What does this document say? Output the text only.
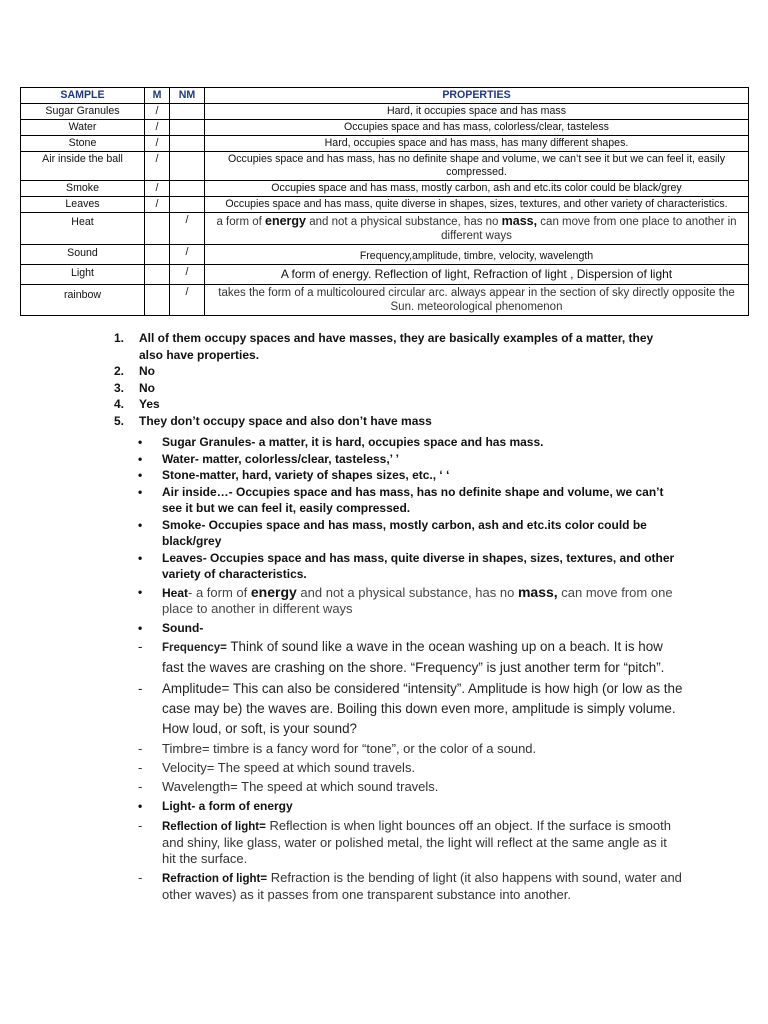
SAMPLE	M	NM	PROPERTIES
Sugar Granules	/		Hard, it occupies space and has mass
Water	/		Occupies space and has mass, colorless/clear, tasteless
Stone	/		Hard, occupies space and has mass, has many different shapes.
Air inside the ball	/		Occupies space and has mass, has no definite shape and volume, we can’t see it but we can feel it, easily compressed.
Smoke	/		Occupies space and has mass, mostly carbon, ash and etc.its color could be black/grey
Leaves	/		Occupies space and has mass, quite diverse in shapes, sizes, textures, and other variety of characteristics.
Heat		/	a form of energy and not a physical substance, has no mass, can move from one place to another in different ways
Sound		/	Frequency,amplitude, timbre, velocity, wavelength
Light		/	A form of energy. Reflection of light, Refraction of light , Dispersion of light
rainbow		/	takes the form of a multicoloured circular arc. always appear in the section of sky directly opposite the Sun. meteorological phenomenon
1. All of them occupy spaces and have masses, they are basically examples of a matter, they also have properties.
2. No
3. No
4. Yes
5. They don’t occupy space and also don’t have mass
• Sugar Granules- a matter, it is hard, occupies space and has mass.
• Water- matter, colorless/clear, tasteless,’ ’
• Stone-matter, hard, variety of shapes sizes, etc., ‘ ‘
• Air inside…- Occupies space and has mass, has no definite shape and volume, we can’t see it but we can feel it, easily compressed.
• Smoke- Occupies space and has mass, mostly carbon, ash and etc.its color could be black/grey
• Leaves- Occupies space and has mass, quite diverse in shapes, sizes, textures, and other variety of characteristics.
• Heat- a form of energy and not a physical substance, has no mass, can move from one place to another in different ways
• Sound-
- Frequency= Think of sound like a wave in the ocean washing up on a beach. It is how fast the waves are crashing on the shore. “Frequency” is just another term for “pitch”.
- Amplitude= This can also be considered “intensity”. Amplitude is how high (or low as the case may be) the waves are. Boiling this down even more, amplitude is simply volume. How loud, or soft, is your sound?
- Timbre= timbre is a fancy word for “tone”, or the color of a sound.
- Velocity= The speed at which sound travels.
- Wavelength= The speed at which sound travels.
• Light- a form of energy
- Reflection of light= Reflection is when light bounces off an object. If the surface is smooth and shiny, like glass, water or polished metal, the light will reflect at the same angle as it hit the surface.
- Refraction of light= Refraction is the bending of light (it also happens with sound, water and other waves) as it passes from one transparent substance into another.
